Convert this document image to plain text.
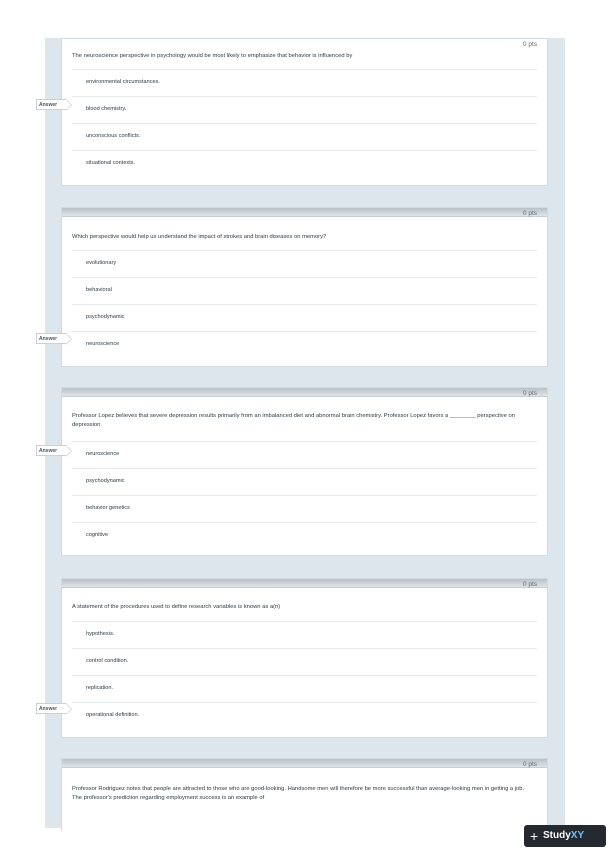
0 pts
The neuroscience perspective in psychology would be most likely to emphasize that behavior is influenced by
environmental circumstances.
blood chemistry.
unconscious conflicts.
situational contexts.
Answer
0 pts
Which perspective would help us understand the impact of strokes and brain diseases on memory?
evolutionary
behavioral
psychodynamic
neuroscience
Answer
0 pts
Professor Lopez believes that severe depression results primarily from an imbalanced diet and abnormal brain chemistry. Professor Lopez favors a ________ perspective on depression.
neuroscience
psychodynamic
behavior genetics
cognitive
Answer
0 pts
A statement of the procedures used to define research variables is known as a(n)
hypothesis.
control condition.
replication.
operational definition.
Answer
0 pts
Professor Rodriguez notes that people are attracted to those who are good-looking. Handsome men will therefore be more successful than average-looking men in getting a job. The professor's prediction regarding employment success is an example of
+ StudyXY
